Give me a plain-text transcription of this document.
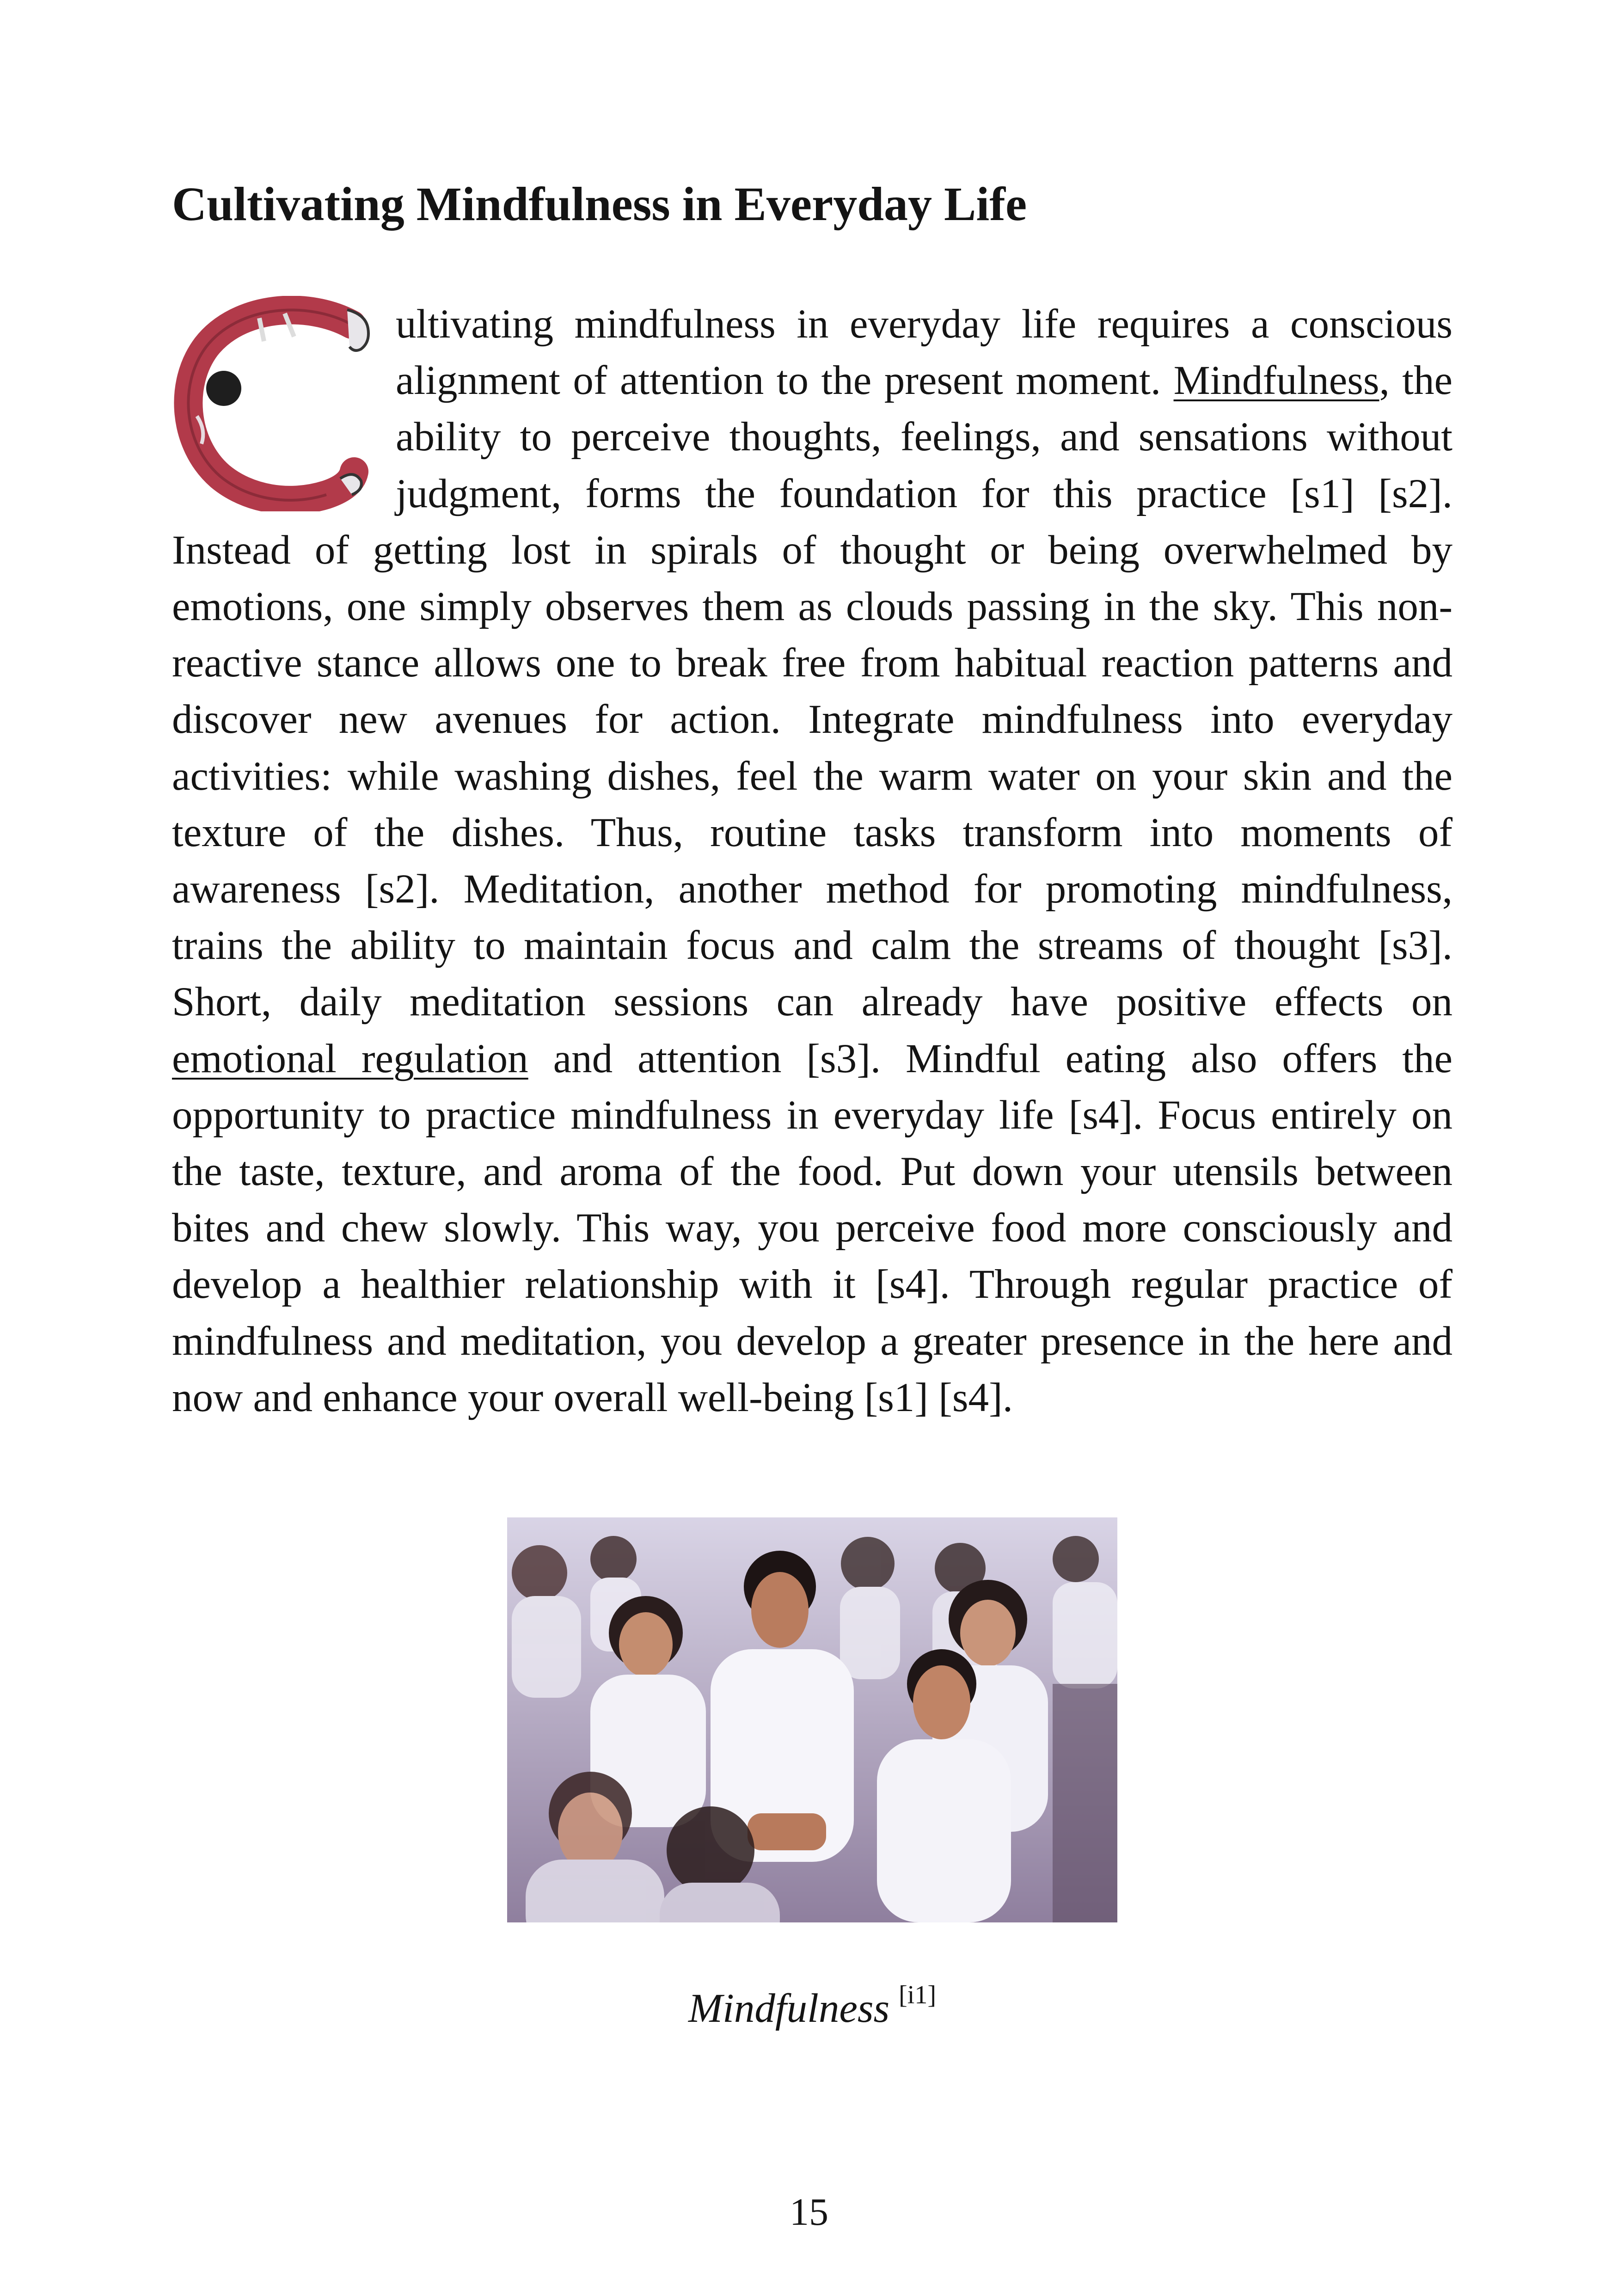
Cultivating Mindfulness in Everyday Life

ultivating mindfulness in everyday life requires a conscious alignment of attention to the present moment. Mindfulness, the ability to perceive thoughts, feelings, and sensations without judgment, forms the foundation for this practice [s1] [s2]. Instead of getting lost in spirals of thought or being overwhelmed by emotions, one simply observes them as clouds passing in the sky. This non-reactive stance allows one to break free from habitual reaction patterns and discover new avenues for action. Integrate mindfulness into everyday activities: while washing dishes, feel the warm water on your skin and the texture of the dishes. Thus, routine tasks transform into moments of awareness [s2]. Meditation, another method for promoting mindfulness, trains the ability to maintain focus and calm the streams of thought [s3]. Short, daily meditation sessions can already have positive effects on emotional regulation and attention [s3]. Mindful eating also offers the opportunity to practice mindfulness in everyday life [s4]. Focus entirely on the taste, texture, and aroma of the food. Put down your utensils between bites and chew slowly. This way, you perceive food more consciously and develop a healthier relationship with it [s4]. Through regular practice of mindfulness and meditation, you develop a greater presence in the here and now and enhance your overall well-being [s1] [s4].

Mindfulness [i1]

15
